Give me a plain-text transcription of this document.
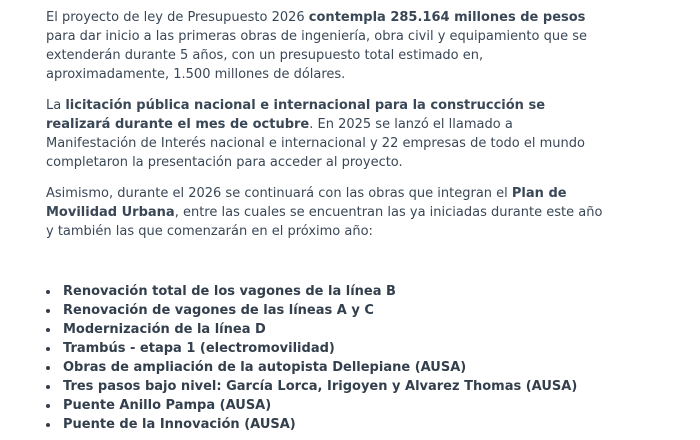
El proyecto de ley de Presupuesto 2026 contempla 285.164 millones de pesos para dar inicio a las primeras obras de ingeniería, obra civil y equipamiento que se extenderán durante 5 años, con un presupuesto total estimado en, aproximadamente, 1.500 millones de dólares.

La licitación pública nacional e internacional para la construcción se realizará durante el mes de octubre. En 2025 se lanzó el llamado a Manifestación de Interés nacional e internacional y 22 empresas de todo el mundo completaron la presentación para acceder al proyecto.

Asimismo, durante el 2026 se continuará con las obras que integran el Plan de Movilidad Urbana, entre las cuales se encuentran las ya iniciadas durante este año y también las que comenzarán en el próximo año:

Renovación total de los vagones de la línea B
Renovación de vagones de las líneas A y C
Modernización de la línea D
Trambús - etapa 1 (electromovilidad)
Obras de ampliación de la autopista Dellepiane (AUSA)
Tres pasos bajo nivel: García Lorca, Irigoyen y Alvarez Thomas (AUSA)
Puente Anillo Pampa (AUSA)
Puente de la Innovación (AUSA)
